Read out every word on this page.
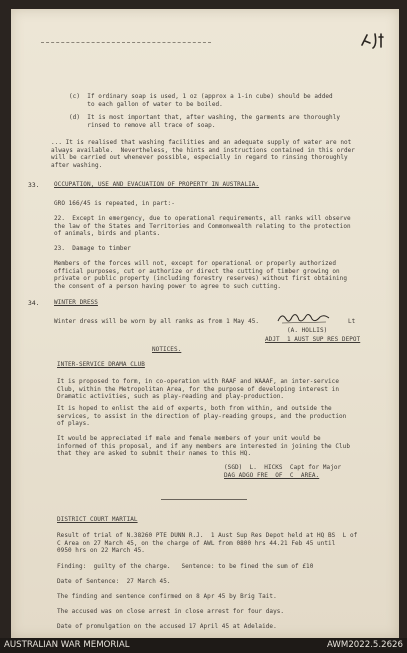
(c)  If ordinary soap is used, 1 oz (approx a 1-in cube) should be added
to each gallon of water to be boiled.
(d)  It is most important that, after washing, the garments are thoroughly
rinsed to remove all trace of soap.
... It is realised that washing facilities and an adequate supply of water are not
always available.  Nevertheless, the hints and instructions contained in this order
will be carried out whenever possible, especially in regard to rinsing thoroughly
after washing.
33. OCCUPATION, USE AND EVACUATION OF PROPERTY IN AUSTRALIA.
GRO 166/45 is repeated, in part:-
22.  Except in emergency, due to operational requirements, all ranks will observe
the law of the States and Territories and Commonwealth relating to the protection
of animals, birds and plants.
23.  Damage to timber
Members of the forces will not, except for operational or properly authorized
official purposes, cut or authorize or direct the cutting of timber growing on
private or public property (including forestry reserves) without first obtaining
the consent of a person having power to agree to such cutting.
34. WINTER DRESS
Winter dress will be worn by all ranks as from 1 May 45.	Lt
(A. HOLLIS)
ADJT  1 AUST SUP RES DEPOT
NOTICES.
INTER-SERVICE DRAMA CLUB
It is proposed to form, in co-operation with RAAF and WAAAF, an inter-service
Club, within the Metropolitan Area, for the purpose of developing interest in
Dramatic activities, such as play-reading and play-production.
It is hoped to enlist the aid of experts, both from within, and outside the
services, to assist in the direction of play-reading groups, and the production
of plays.
It would be appreciated if male and female members of your unit would be
informed of this proposal, and if any members are interested in joining the Club
that they are asked to submit their names to this HQ.
(SGD)  L.  HICKS  Capt for Major
DAG ADGO FRE  OF  C  AREA.
DISTRICT COURT MARTIAL
Result of trial of N.38260 PTE DUNN R.J.  1 Aust Sup Res Depot held at HQ BS  L of
C Area on 27 March 45, on the charge of AWL from 0800 hrs 44.21 Feb 45 until
0950 hrs on 22 March 45.
Finding:  guilty of the charge.   Sentence: to be fined the sum of £10
Date of Sentence:  27 March 45.
The finding and sentence confirmed on 8 Apr 45 by Brig Tait.
The accused was on close arrest in close arrest for four days.
Date of promulgation on the accused 17 April 45 at Adelaide.
AUSTRALIAN WAR MEMORIAL	AWM2022.5.2626
